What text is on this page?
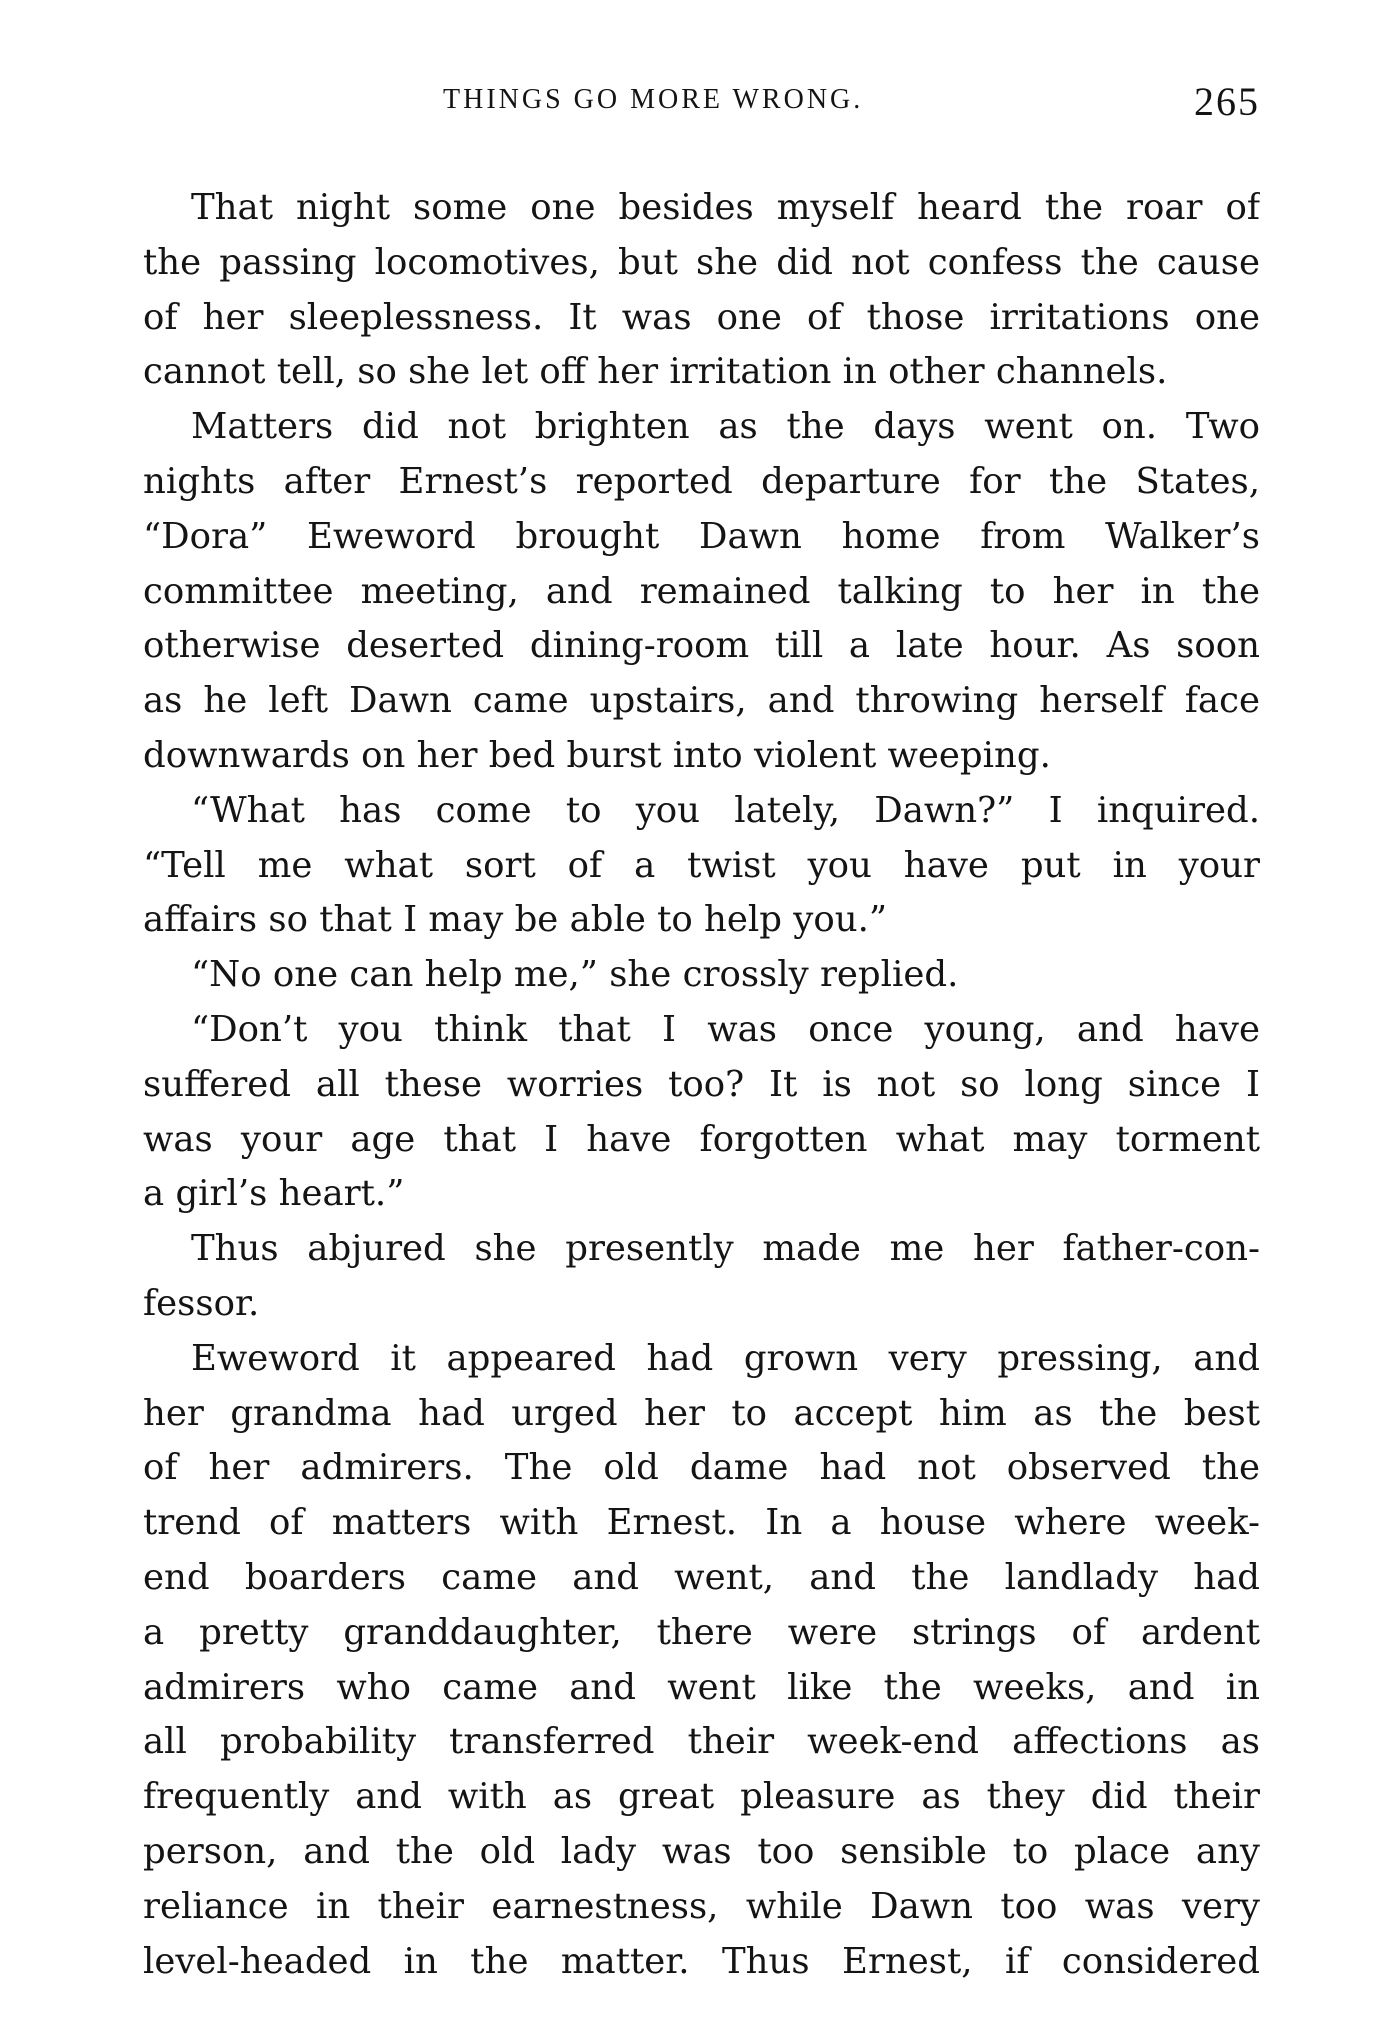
THINGS GO MORE WRONG.	265
That night some one besides myself heard the roar of
the passing locomotives, but she did not confess the cause
of her sleeplessness. It was one of those irritations one
cannot tell, so she let off her irritation in other channels.
Matters did not brighten as the days went on. Two
nights after Ernest’s reported departure for the States,
“Dora” Eweword brought Dawn home from Walker’s
committee meeting, and remained talking to her in the
otherwise deserted dining-room till a late hour. As soon
as he left Dawn came upstairs, and throwing herself face
downwards on her bed burst into violent weeping.
“What has come to you lately, Dawn?” I inquired.
“Tell me what sort of a twist you have put in your
affairs so that I may be able to help you.”
“No one can help me,” she crossly replied.
“Don’t you think that I was once young, and have
suffered all these worries too? It is not so long since I
was your age that I have forgotten what may torment
a girl’s heart.”
Thus abjured she presently made me her father-con-
fessor.
Eweword it appeared had grown very pressing, and
her grandma had urged her to accept him as the best
of her admirers. The old dame had not observed the
trend of matters with Ernest. In a house where week-
end boarders came and went, and the landlady had
a pretty granddaughter, there were strings of ardent
admirers who came and went like the weeks, and in
all probability transferred their week-end affections as
frequently and with as great pleasure as they did their
person, and the old lady was too sensible to place any
reliance in their earnestness, while Dawn too was very
level-headed in the matter. Thus Ernest, if considered
